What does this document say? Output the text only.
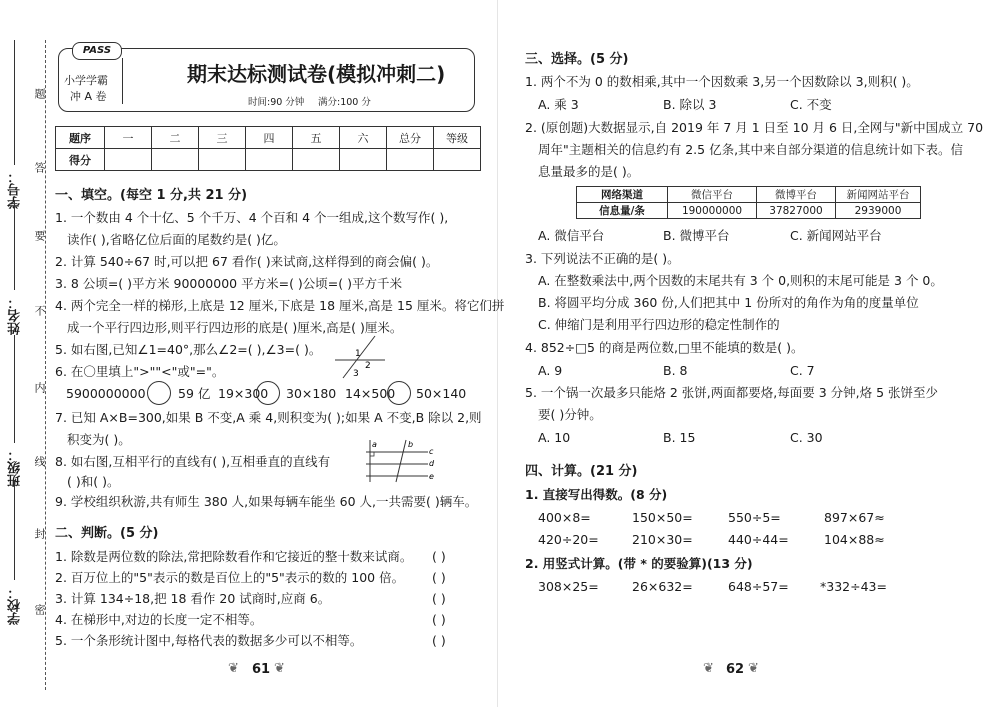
学号：
姓名：
班级：
学校：
题
答
要
不
内
线
封
密
PASS
小学学霸
冲 A 卷
期末达标测试卷(模拟冲刺二)
时间:90 分钟 满分:100 分
题序	一	二	三	四	五	六	总分	等级
得分								
一、填空。(每空 1 分,共 21 分)
1. 一个数由 4 个十亿、5 个千万、4 个百和 4 个一组成,这个数写作( ),
读作( ),省略亿位后面的尾数约是( )亿。
2. 计算 540÷67 时,可以把 67 看作( )来试商,这样得到的商会偏( )。
3. 8 公顷=( )平方米 90000000 平方米=( )公顷=( )平方千米
4. 两个完全一样的梯形,上底是 12 厘米,下底是 18 厘米,高是 15 厘米。将它们拼
成一个平行四边形,则平行四边形的底是( )厘米,高是( )厘米。
5. 如右图,已知∠1=40°,那么∠2=( ),∠3=( )。	1
2
3
6. 在〇里填上">""<"或"="。
5900000000	59 亿 19×300 30×180 14×500 50×140
7. 已知 A×B=300,如果 B 不变,A 乘 4,则积变为( );如果 A 不变,B 除以 2,则
积变为( )。
8. 如右图,互相平行的直线有( ),互相垂直的直线有
( )和( )。
a	b
c
d
e
9. 学校组织秋游,共有师生 380 人,如果每辆车能坐 60 人,一共需要( )辆车。
二、判断。(5 分)
1. 除数是两位数的除法,常把除数看作和它接近的整十数来试商。
2. 百万位上的"5"表示的数是百位上的"5"表示的数的 100 倍。
3. 计算 134÷18,把 18 看作 20 试商时,应商 6。
4. 在梯形中,对边的长度一定不相等。
5. 一个条形统计图中,每格代表的数据多少可以不相等。
( )
( )
( )
( )
( )
❦ 61 ❦
三、选择。(5 分)
1. 两个不为 0 的数相乘,其中一个因数乘 3,另一个因数除以 3,则积( )。
A. 乘 3	B. 除以 3	C. 不变
2. (原创题)大数据显示,自 2019 年 7 月 1 日至 10 月 6 日,全网与"新中国成立 70
周年"主题相关的信息约有 2.5 亿条,其中来自部分渠道的信息统计如下表。信
息量最多的是( )。
网络渠道	微信平台	微博平台	新闻网站平台
信息量/条	190000000	37827000	2939000
A. 微信平台	B. 微博平台	C. 新闻网站平台
3. 下列说法不正确的是( )。
A. 在整数乘法中,两个因数的末尾共有 3 个 0,则积的末尾可能是 3 个 0。
B. 将圆平均分成 360 份,人们把其中 1 份所对的角作为角的度量单位
C. 伸缩门是利用平行四边形的稳定性制作的
4. 852÷□5 的商是两位数,□里不能填的数是( )。
A. 9	B. 8	C. 7
5. 一个锅一次最多只能烙 2 张饼,两面都要烙,每面要 3 分钟,烙 5 张饼至少
要( )分钟。
A. 10	B. 15	C. 30
四、计算。(21 分)
1. 直接写出得数。(8 分)
400×8=	150×50=	550÷5=	897×67≈
420÷20=	210×30=	440÷44=	104×88≈
2. 用竖式计算。(带 * 的要验算)(13 分)
308×25=	26×632=	648÷57=	*332÷43=
❦ 62 ❦
